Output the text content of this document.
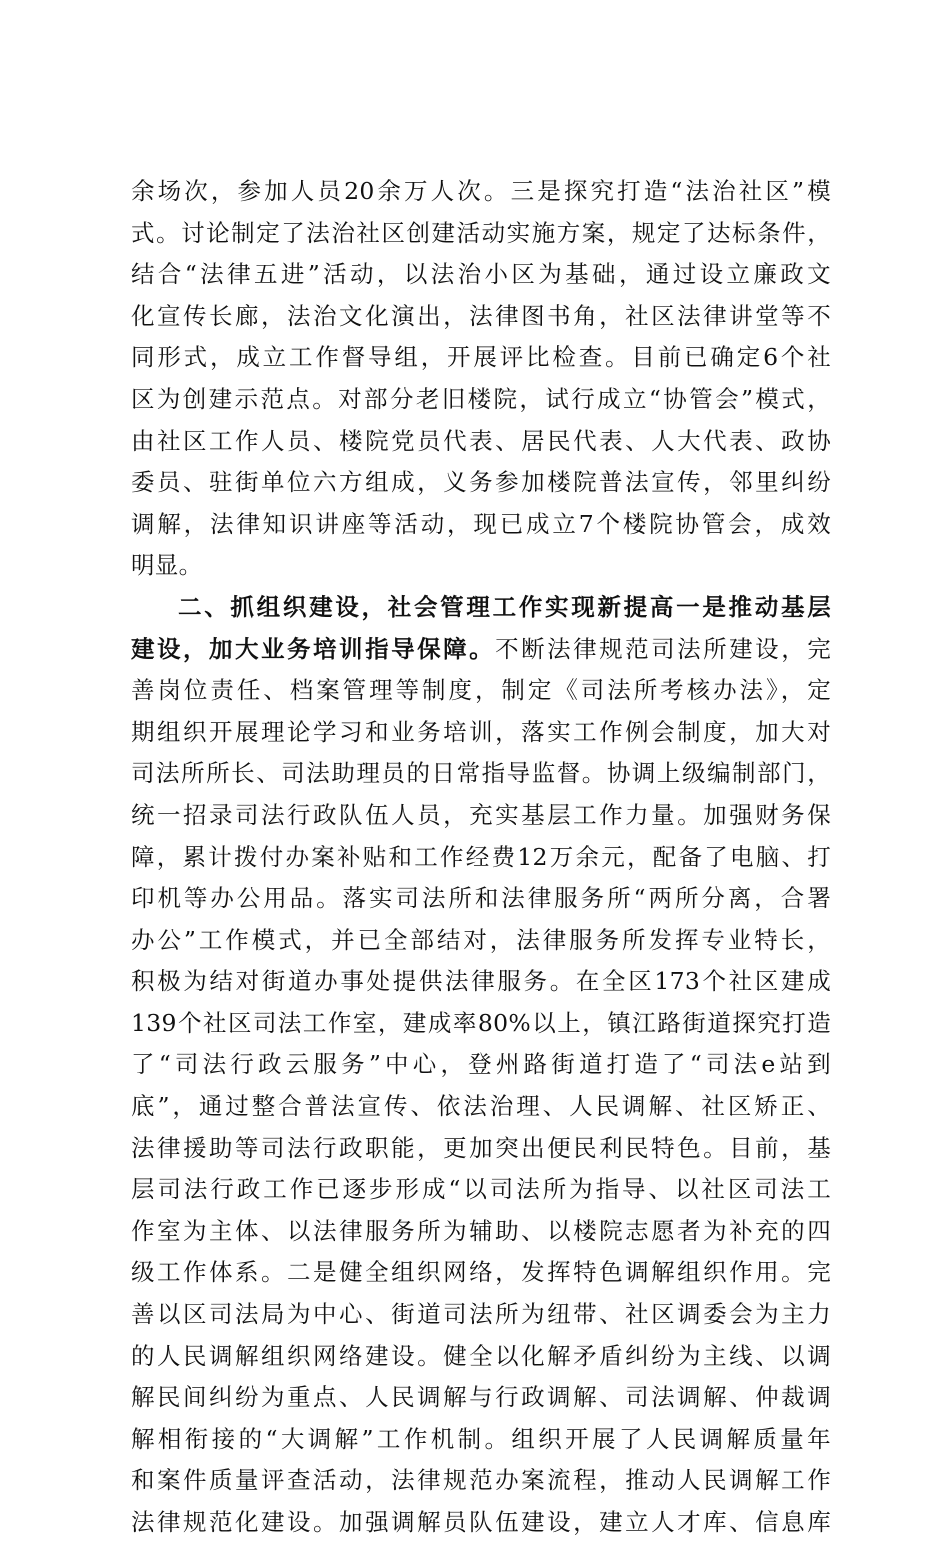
余场次，参加人员20余万人次。三是探究打造“法治社区”模
式。讨论制定了法治社区创建活动实施方案，规定了达标条件，
结合“法律五进”活动，以法治小区为基础，通过设立廉政文
化宣传长廊，法治文化演出，法律图书角，社区法律讲堂等不
同形式，成立工作督导组，开展评比检查。目前已确定6个社
区为创建示范点。对部分老旧楼院，试行成立“协管会”模式，
由社区工作人员、楼院党员代表、居民代表、人大代表、政协
委员、驻街单位六方组成，义务参加楼院普法宣传，邻里纠纷
调解，法律知识讲座等活动，现已成立7个楼院协管会，成效
明显。
二、抓组织建设，社会管理工作实现新提高一是推动基层
建设，加大业务培训指导保障。不断法律规范司法所建设，完
善岗位责任、档案管理等制度，制定《司法所考核办法》，定
期组织开展理论学习和业务培训，落实工作例会制度，加大对
司法所所长、司法助理员的日常指导监督。协调上级编制部门，
统一招录司法行政队伍人员，充实基层工作力量。加强财务保
障，累计拨付办案补贴和工作经费12万余元，配备了电脑、打
印机等办公用品。落实司法所和法律服务所“两所分离，合署
办公”工作模式，并已全部结对，法律服务所发挥专业特长，
积极为结对街道办事处提供法律服务。在全区173个社区建成
139个社区司法工作室，建成率80%以上，镇江路街道探究打造
了“司法行政云服务”中心，登州路街道打造了“司法e站到
底”，通过整合普法宣传、依法治理、人民调解、社区矫正、
法律援助等司法行政职能，更加突出便民利民特色。目前，基
层司法行政工作已逐步形成“以司法所为指导、以社区司法工
作室为主体、以法律服务所为辅助、以楼院志愿者为补充的四
级工作体系。二是健全组织网络，发挥特色调解组织作用。完
善以区司法局为中心、街道司法所为纽带、社区调委会为主力
的人民调解组织网络建设。健全以化解矛盾纠纷为主线、以调
解民间纠纷为重点、人民调解与行政调解、司法调解、仲裁调
解相衔接的“大调解”工作机制。组织开展了人民调解质量年
和案件质量评查活动，法律规范办案流程，推动人民调解工作
法律规范化建设。加强调解员队伍建设，建立人才库、信息库
